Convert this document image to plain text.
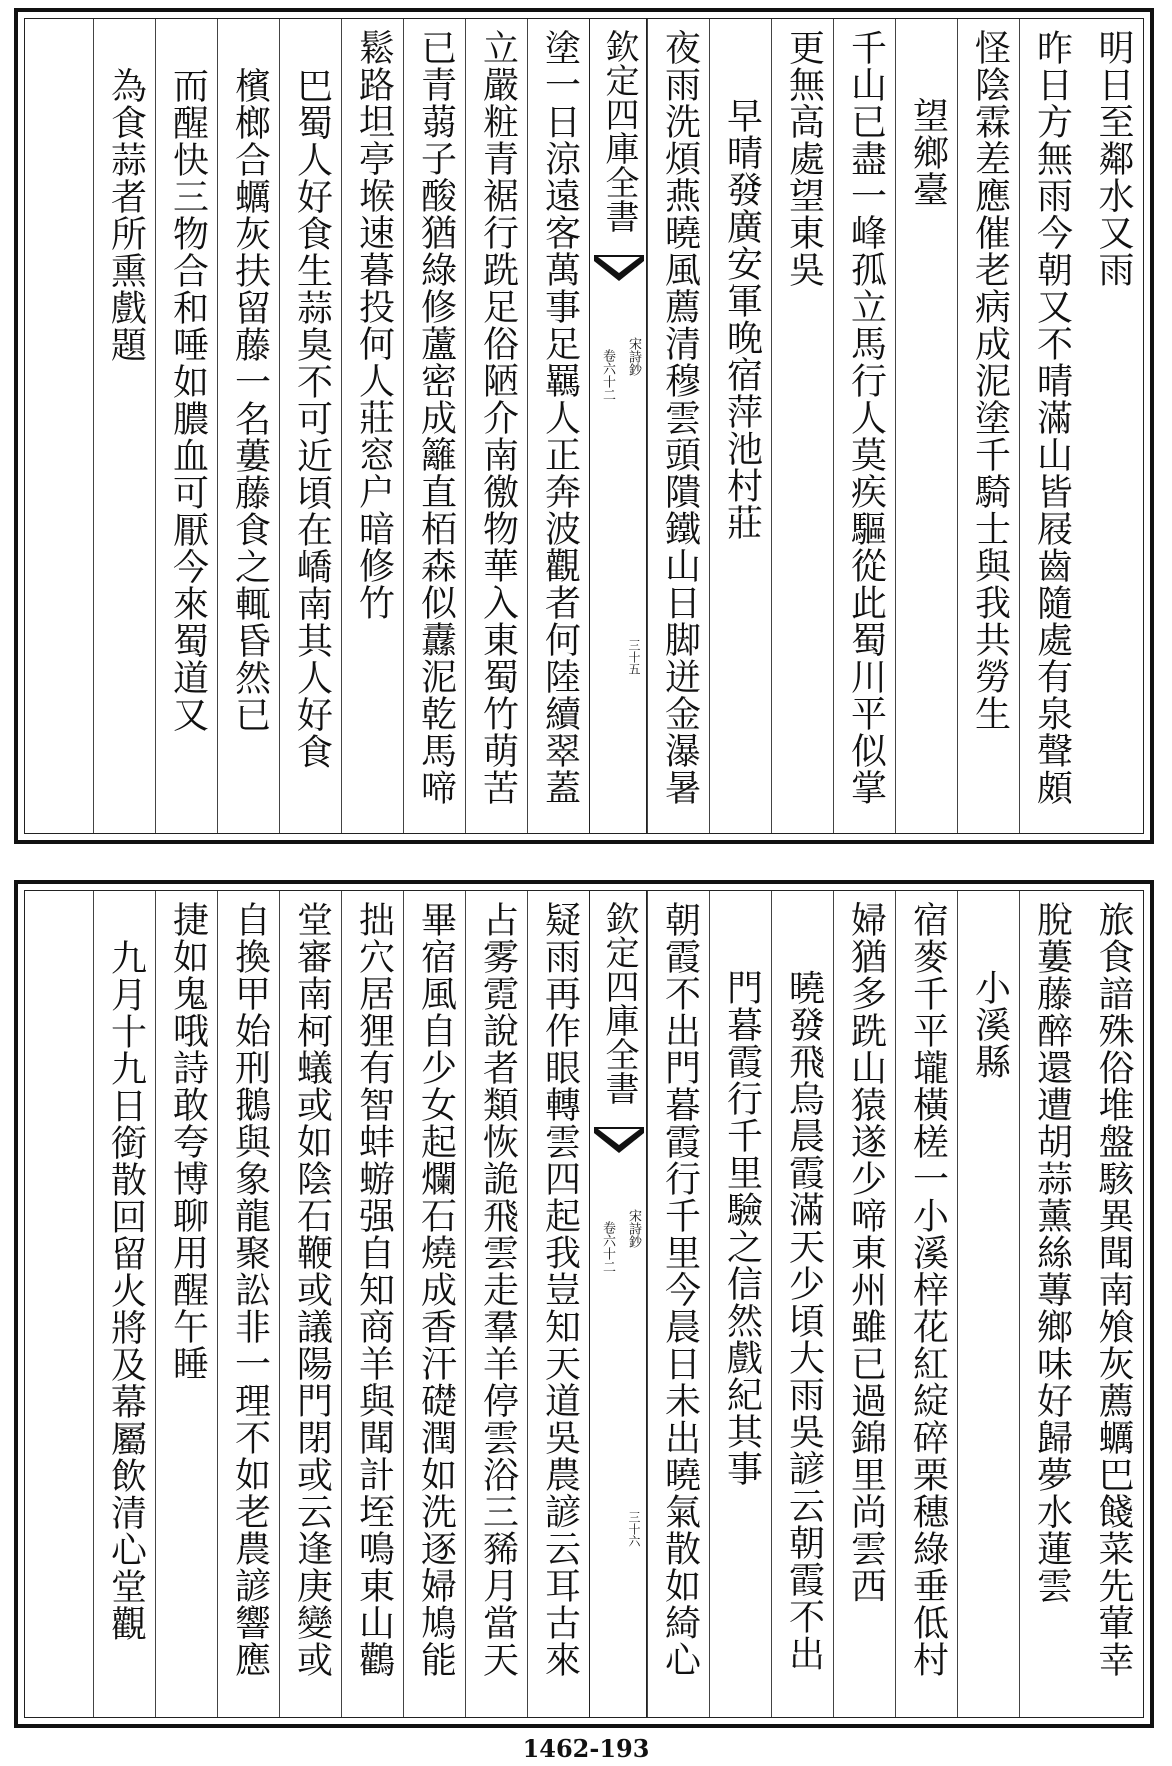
明日至鄰水又雨
昨日方無雨今朝又不晴滿山皆屐齒隨處有泉聲頗
怪陰霖差應催老病成泥塗千騎士與我共勞生
望鄉臺
千山已盡一峰孤立馬行人莫疾驅從此蜀川平似掌
更無高處望東吳
早晴發廣安軍晚宿萍池村莊
夜雨洗煩燕曉風薦清穆雲頭隤鐵山日脚迸金瀑暑
欽定四庫全書
宋詩鈔
卷六十二
三十五
塗一日涼遠客萬事足羈人正奔波觀者何陸續翠蓋
立嚴粧青裾行跣足俗陋介南徼物華入東蜀竹萌苦
已青蒻子酸猶綠修蘆密成籬直栢森似纛泥乾馬啼
鬆路坦亭堠速暮投何人莊窓户暗修竹
巴蜀人好食生蒜臭不可近頃在嶠南其人好食
檳榔合蠣灰扶留藤一名蔞藤食之輒昏然已
而醒快三物合和唾如膿血可厭今來蜀道又
為食蒜者所熏戲題
旅食諳殊俗堆盤駭異聞南飧灰薦蠣巴餞菜先葷幸
脫蔞藤醉還遭胡蒜薰絲蓴鄉味好歸夢水蓮雲
小溪縣
宿麥千平壠橫槎一小溪梓花紅綻碎栗穗綠垂低村
婦猶多跣山猿遂少啼東州雖已過錦里尚雲西
曉發飛烏晨霞滿天少頃大雨吳諺云朝霞不出
門暮霞行千里驗之信然戲紀其事
朝霞不出門暮霞行千里今晨日未出曉氣散如綺心
欽定四庫全書
宋詩鈔
卷六十二
三十六
疑雨再作眼轉雲四起我豈知天道吳農諺云耳古來
占雾霓說者類恢詭飛雲走羣羊停雲浴三豨月當天
畢宿風自少女起爛石燒成香汗礎潤如洗逐婦鳩能
拙穴居狸有智蚌蝣强自知商羊與聞計垤鳴東山鸛
堂審南柯蟻或如陰石鞭或議陽門閉或云逢庚變或
自換甲始刑鵝與象龍聚訟非一理不如老農諺響應
捷如鬼哦詩敢夸博聊用醒午睡
九月十九日銜散回留火將及幕屬飲清心堂觀
1462-193
